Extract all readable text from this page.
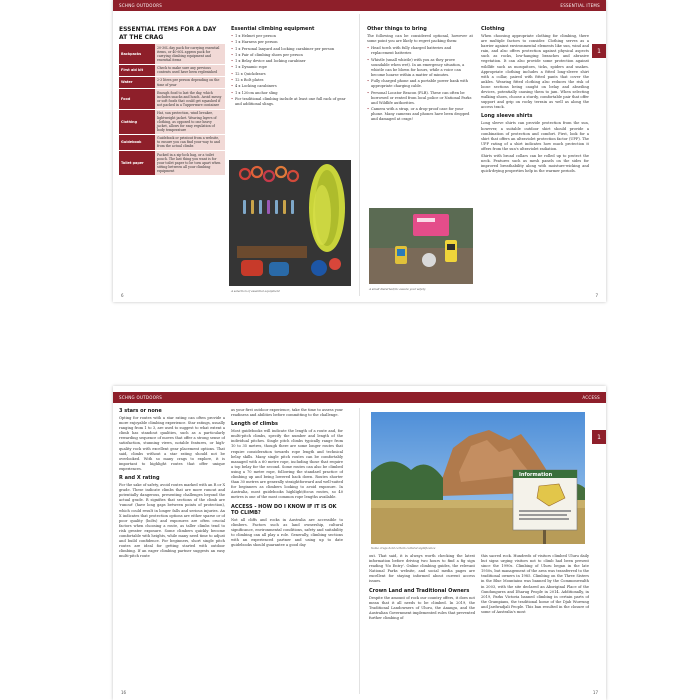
SCHNG OUTDOORS	ESSENTIAL ITEMS
ESSENTIAL ITEMS FOR A DAY AT THE CRAG
Backpacks	20-30L day pack for carrying essential items, or 40-60L approx pack for carrying climbing equipment and essential items
First aid kit	Check to make sure any previous contents used have been replenished
Water	2-3 litres per person depending on the time of year
Food	Enough food to last the day, which includes snacks and lunch. Avoid messy or soft foods that could get squashed if not packed in a Tupperware container
Clothing	Hat, sun protection, wind breaker, lightweight jacket. Wearing layers of clothing, as opposed to one heavy jacket, allows for easy regulation of body temperature
Guidebook	Guidebook or printout from a website, to ensure you can find your way to and from the actual climbs
Toilet paper	Packed in a zip-lock bag, or a toilet pouch. The last thing you want is for your toilet paper to be torn apart when sitting between all your climbing equipment
Essential climbing equipment
• 1 x Helmet per person
• 1 x Harness per person
• 1 x Personal lanyard and locking carabiner per person
• 1 x Pair of climbing shoes per person
• 1 x Belay device and locking carabiner
• 1 x Dynamic rope
• 12 x Quickdraws
• 12 x Bolt plates
• 4 x Locking carabiners
• 1 x 120cm anchor sling
• For traditional climbing include at least one full rack of gear and additional slings.
A selection of essential equipment
6
Other things to bring

The following can be considered optional, however at some point you are likely to regret packing them:

• Head torch with fully charged batteries and replacement batteries
• Whistle (small whistle) with you as they prove soundable when wet). In an emergency situation, a whistle can be blown for hours, while a voice can become hoarse within a matter of minutes.
• Fully charged phone and a portable power bank with appropriate charging cable.
• Personal Locator Beacon (PLB). These can often be borrowed or rented from local police or National Parks and Wildlife authorities.
• Camera with a strap, or a drop-proof case for your phone. Many cameras and phones have been dropped and damaged at crags!
A small disturbed/in: assure your safety
Clothing

When choosing appropriate clothing for climbing, there are multiple factors to consider. Clothing serves as a barrier against environmental elements like sun, wind and rain, and also offers protection against physical aspects such as rocks, low-hanging branches and abrasive vegetation. It can also provide some protection against wildlife such as mosquitoes, ticks, spiders and snakes. Appropriate clothing includes a fitted long-sleeve shirt with a collar, paired with fitted pants that cover the ankles. Wearing fitted clothing also reduces the risk of loose sections being caught on belay and abseiling devices, potentially causing them to jam. When selecting walking shoes, choose a sturdy, comfortable pair that offer support and grip on rocky terrain as well as along the access track.

Long sleeve shirts

Long sleeve shirts can provide protection from the sun, however, a suitable outdoor shirt should provide a combination of protection and comfort. First, look for a shirt that offers an ultraviolet protection factor (UPF). The UPF rating of a shirt indicates how much protection it offers from the sun's ultraviolet radiation.

Shirts with broad collars can be rolled up to protect the neck. Features such as mesh panels on the sides for improved breathability along with moisture-wicking and quick-drying properties help in the warmer periods.

7
1
SCHNG OUTDOORS	ACCESS
3 stars or none

Opting for routes with a star rating can often provide a more enjoyable climbing experience. Star ratings, usually ranging from 1 to 3, are used to suggest to what extent a climb has standout qualities, such as a particularly rewarding sequence of moves that offer a strong sense of satisfaction, stunning views, notable features, or high-quality rock with excellent gear placement options. That said, climbs without a star rating should not be overlooked. With so many crags to explore, it is important to highlight routes that offer unique experiences.

R and X rating

For the sake of safety, avoid routes marked with an R or X grade. These indicate climbs that are more runout and potentially dangerous, presenting challenges beyond the actual grade. R signifies that sections of the climb are 'runout' (have long gaps between points of protection), which could result in longer falls and serious injuries. An X indicates that protection options are either sparse or of poor quality (bolts) and exposures are often crucial factors when choosing a route, as taller climbs tend to risk greater exposure. Some climbers quickly become comfortable with heights, while many need time to adjust and build confidence. For beginners, short single pitch routes are ideal for getting started with outdoor climbing. If an eager climbing partner suggests an easy multi-pitch route

as your first outdoor experience, take the time to assess your readiness and abilities before committing to the challenge.

Length of climbs

Most guidebooks will indicate the length of a route and, for multi-pitch climbs, specify the number and length of the individual pitches. Single pitch climbs typically range from 10 to 35 metres, though there are some longer routes that require consideration towards rope length and technical belay skills. Many single pitch routes can be comfortably managed with a 60 metre rope, including those that require a top belay for the second. Some routes can also be climbed using a 70 metre rope, following the standard practice of climbing up and being lowered back down. Routes shorter than 30 metres are generally straightforward and well-suited for beginners as climbers looking to avoid exposure. In Australia, most guidebooks highlight/focus routes, so 40 metres is one of the most common rope lengths available.

ACCESS - HOW DO I KNOW IF IT IS OK TO CLIMB?

Not all cliffs and rocks in Australia are accessible to climbers. Factors such as land ownership, cultural significance, environmental conditions, safety and suitability to climbing can all play a role. Generally, climbing sections with an experienced partner and using up to date guidebooks should guarantee a good day

16
Information
Some crags hold certain cultural significance

out. That said, it is always worth checking the latest information before driving two hours to find a fig sign reading 'No Entry'. Online climbing guides, the relevant National Parks website, and social media pages are excellent for staying informed about current access issues.

Crown Land and Traditional Owners

Despite the amount of rock our country offers, it does not mean that it all needs to be climbed. In 2019, the Traditional Landowners of Uluru, the Anangu, and the Australian Government implemented rules that prevented further climbing of

this sacred rock. Hundreds of visitors climbed Uluru daily but signs urging visitors not to climb had been present since the 1990s. Climbing of Uluru began in the late 1950s, but management of the area was transferred to the traditional owners in 1985. Climbing on the Three Sisters in the Blue Mountains was banned by the Commonwealth in 2003, with the site declared an Aboriginal Place of the Gundungurra and Dharug People in 2014. Additionally, in 2019, Parks Victoria banned climbing in certain parts of the Grampians, the traditional home of the Djab Wurrung and Jardwadjali People. This ban resulted in the closure of some of Australia's most

17
1
